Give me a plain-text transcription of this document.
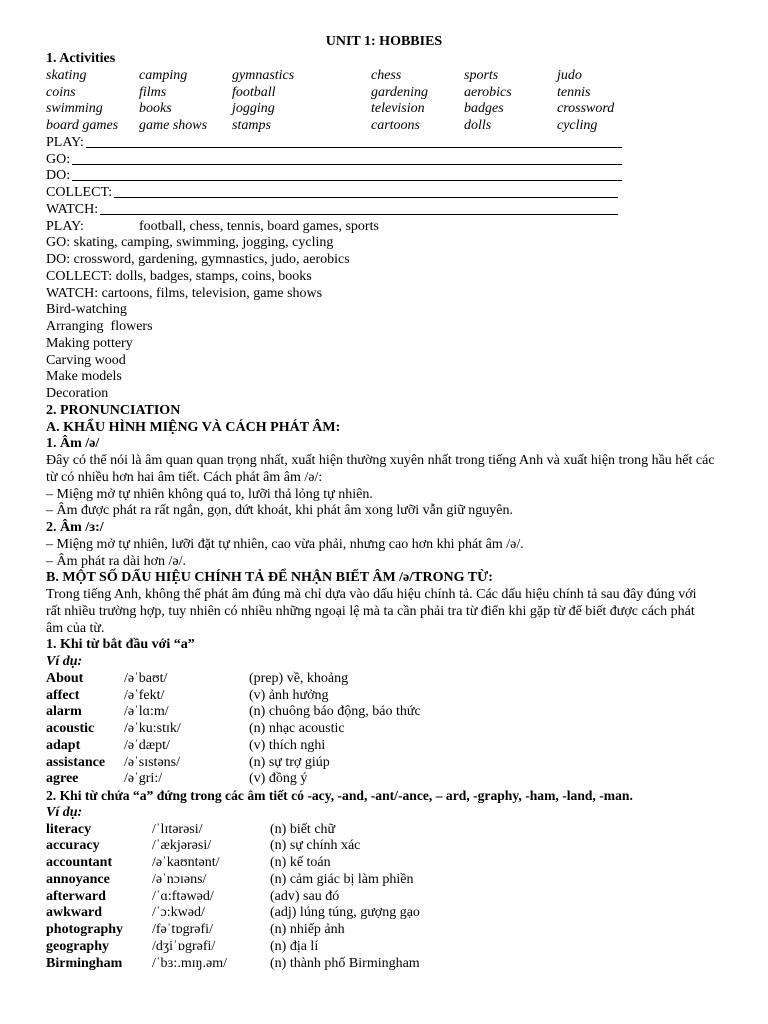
UNIT 1: HOBBIES
1. Activities
skating	camping	gymnastics	chess	sports	judo
coins	films	football	gardening	aerobics	tennis
swimming	books	jogging	television	badges	crossword
board games	game shows	stamps	cartoons	dolls	cycling
PLAY:
GO:
DO:
COLLECT:
WATCH:
PLAY:	football, chess, tennis, board games, sports
GO:
skating, camping, swimming, jogging, cycling
DO:
crossword, gardening, gymnastics, judo, aerobics
COLLECT:
dolls, badges, stamps, coins, books
WATCH:
cartoons, films, television, game shows
Bird-watching
Arranging  flowers
Making pottery
Carving wood
Make models
Decoration
2. PRONUNCIATION
A. KHẨU HÌNH MIỆNG VÀ CÁCH PHÁT ÂM:
1. Âm /ə/
Đây có thể nói là âm quan quan trọng nhất, xuất hiện thường xuyên nhất trong tiếng Anh và xuất hiện trong hầu hết các từ có nhiều hơn hai âm tiết. Cách phát âm âm /ə/:
– Miệng mở tự nhiên không quá to, lưỡi thả lỏng tự nhiên.
– Âm được phát ra rất ngắn, gọn, dứt khoát, khi phát âm xong lưỡi vẫn giữ nguyên.
2. Âm /ɜ:/
– Miệng mở tự nhiên, lưỡi đặt tự nhiên, cao vừa phải, nhưng cao hơn khi phát âm /ə/.
– Âm phát ra dài hơn /ə/.
B. MỘT SỐ DẤU HIỆU CHÍNH TẢ ĐỂ NHẬN BIẾT ÂM /ə/TRONG TỪ:
Trong tiếng Anh, không thể phát âm đúng mà chỉ dựa vào dấu hiệu chính tả. Các dấu hiệu chính tả sau đây đúng với rất nhiều trường hợp, tuy nhiên có nhiều những ngoại lệ mà ta cần phải tra từ điển khi gặp từ để biết được cách phát âm của từ.
1. Khi từ bắt đầu với “a”
Ví dụ:
About	/əˈbaʊt/	(prep) về, khoảng
affect	/əˈfekt/	(v) ảnh hưởng
alarm	/əˈlɑ:m/	(n) chuông báo động, báo thức
acoustic	/əˈku:stɪk/	(n) nhạc acoustic
adapt	/əˈdæpt/	(v) thích nghi
assistance	/əˈsɪstəns/	(n) sự trợ giúp
agree	/əˈgri:/	(v) đồng ý
2. Khi từ chứa “a” đứng trong các âm tiết có -acy, -and, -ant/-ance, – ard, -graphy, -ham, -land, -man.
Ví dụ:
literacy	/ˈlɪtərəsi/	(n) biết chữ
accuracy	/ˈækjərəsi/	(n) sự chính xác
accountant	/əˈkaʊntənt/	(n) kế toán
annoyance	/əˈnɔɪəns/	(n) cảm giác bị làm phiền
afterward	/ˈɑ:ftəwəd/	(adv) sau đó
awkward	/ˈɔ:kwəd/	(adj) lúng túng, gượng gạo
photography	/fəˈtɒgrəfi/	(n) nhiếp ảnh
geography	/dʒiˈɒgrəfi/	(n) địa lí
Birmingham	/ˈbɜ:.mɪŋ.əm/	(n) thành phố Birmingham
